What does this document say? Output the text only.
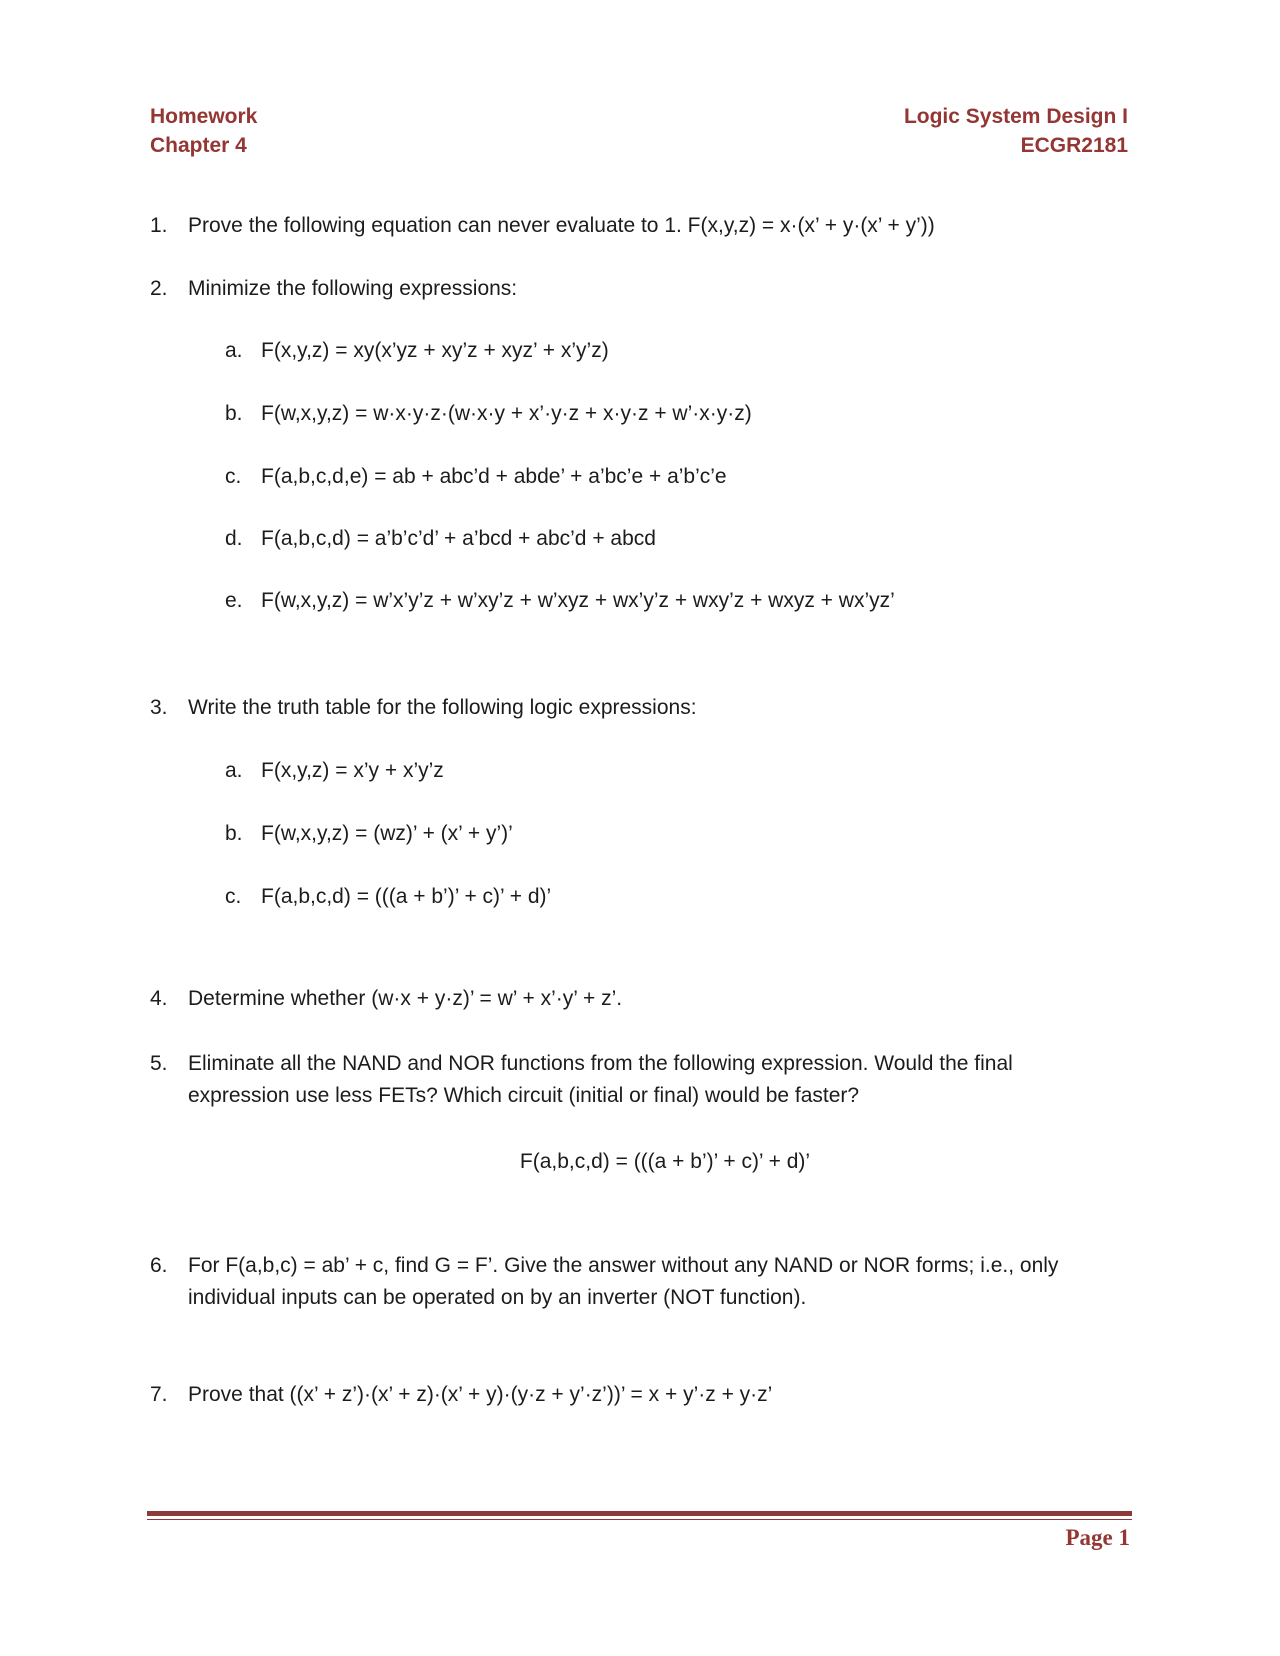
Homework
Chapter 4
Logic System Design I
ECGR2181
1. Prove the following equation can never evaluate to 1. F(x,y,z) = x·(x’ + y·(x’ + y’))
2. Minimize the following expressions:
a. F(x,y,z) = xy(x’yz + xy’z + xyz’ + x’y’z)
b. F(w,x,y,z) = w·x·y·z·(w·x·y + x’·y·z + x·y·z + w’·x·y·z)
c. F(a,b,c,d,e) = ab + abc’d + abde’ + a’bc’e + a’b’c’e
d. F(a,b,c,d) = a’b’c’d’ + a’bcd + abc’d + abcd
e. F(w,x,y,z) = w’x’y’z + w’xy’z + w’xyz + wx’y’z + wxy’z + wxyz + wx’yz’
3. Write the truth table for the following logic expressions:
a. F(x,y,z) = x’y + x’y’z
b. F(w,x,y,z) = (wz)’ + (x’ + y’)’
c. F(a,b,c,d) = (((a + b’)’ + c)’ + d)’
4. Determine whether (w·x + y·z)’ = w’ + x’·y’ + z’.
5. Eliminate all the NAND and NOR functions from the following expression. Would the final
expression use less FETs? Which circuit (initial or final) would be faster?
F(a,b,c,d) = (((a + b’)’ + c)’ + d)’
6. For F(a,b,c) = ab’ + c, find G = F’. Give the answer without any NAND or NOR forms; i.e., only
individual inputs can be operated on by an inverter (NOT function).
7. Prove that ((x’ + z’)·(x’ + z)·(x’ + y)·(y·z + y’·z’))’ = x + y’·z + y·z’
Page 1
